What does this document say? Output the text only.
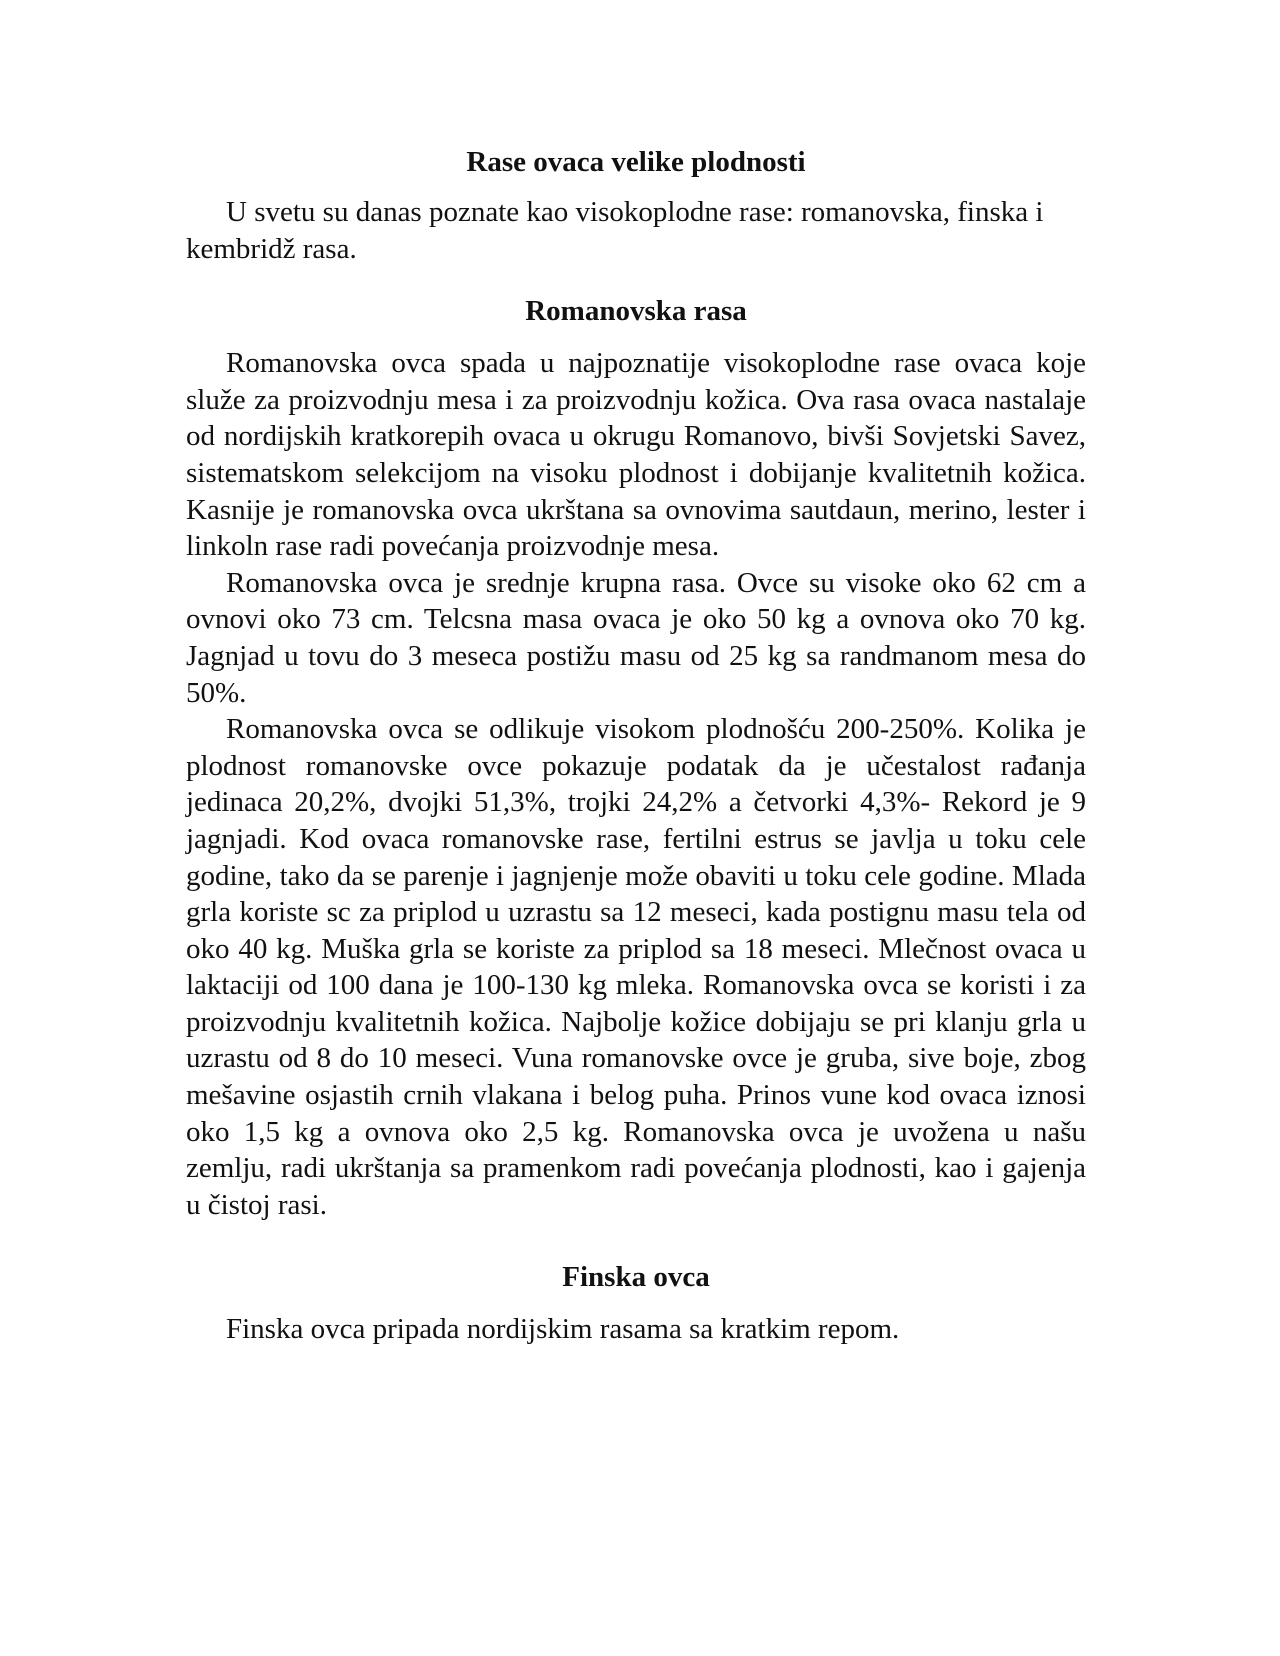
Rase ovaca velike plodnosti

U svetu su danas poznate kao visokoplodne rase: romanovska, finska i kembridž rasa.

Romanovska rasa

Romanovska ovca spada u najpoznatije visokoplodne rase ovaca koje služe za proizvodnju mesa i za proizvodnju kožica. Ova rasa ovaca nastalaje od nordijskih kratkorepih ovaca u okrugu Romanovo, bivši Sovjetski Savez, sistematskom selekcijom na visoku plodnost i dobijanje kvalitetnih kožica. Kasnije je romanovska ovca ukrštana sa ovnovima sautdaun, merino, lester i linkoln rase radi povećanja proizvodnje mesa.

Romanovska ovca je srednje krupna rasa. Ovce su visoke oko 62 cm a ovnovi oko 73 cm. Telcsna masa ovaca je oko 50 kg a ovnova oko 70 kg. Jagnjad u tovu do 3 meseca postižu masu od 25 kg sa randmanom mesa do 50%.

Romanovska ovca se odlikuje visokom plodnošću 200-250%. Kolika je plodnost romanovske ovce pokazuje podatak da je učestalost rađanja jedinaca 20,2%, dvojki 51,3%, trojki 24,2% a četvorki 4,3%- Rekord je 9 jagnjadi. Kod ovaca romanovske rase, fertilni estrus se javlja u toku cele godine, tako da se parenje i jagnjenje može obaviti u toku cele godine. Mlada grla koriste sc za priplod u uzrastu sa 12 meseci, kada postignu masu tela od oko 40 kg. Muška grla se koriste za priplod sa 18 meseci. Mlečnost ovaca u laktaciji od 100 dana je 100-130 kg mleka. Romanovska ovca se koristi i za proizvodnju kvalitetnih kožica. Najbolje kožice dobijaju se pri klanju grla u uzrastu od 8 do 10 meseci. Vuna romanovske ovce je gruba, sive boje, zbog mešavine osjastih crnih vlakana i belog puha. Prinos vune kod ovaca iznosi oko 1,5 kg a ovnova oko 2,5 kg. Romanovska ovca je uvožena u našu zemlju, radi ukrštanja sa pramenkom radi povećanja plodnosti, kao i gajenja u čistoj rasi.

Finska ovca

Finska ovca pripada nordijskim rasama sa kratkim repom.
